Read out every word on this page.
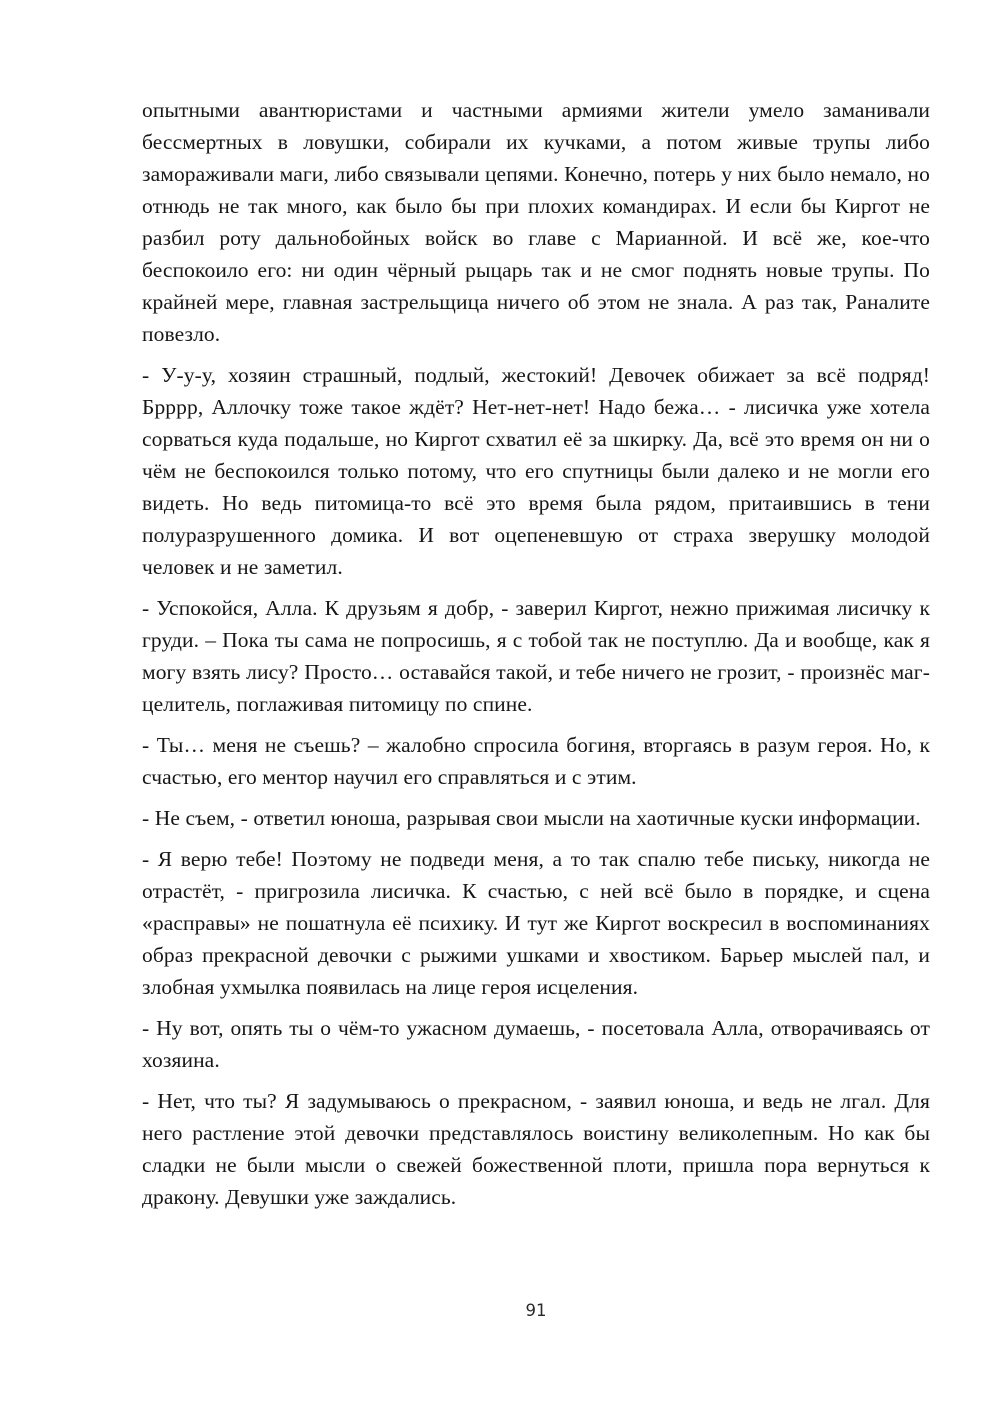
опытными авантюристами и частными армиями жители умело заманивали бессмертных в ловушки, собирали их кучками, а потом живые трупы либо замораживали маги, либо связывали цепями. Конечно, потерь у них было немало, но отнюдь не так много, как было бы при плохих командирах. И если бы Киргот не разбил роту дальнобойных войск во главе с Марианной. И всё же, кое-что беспокоило его: ни один чёрный рыцарь так и не смог поднять новые трупы. По крайней мере, главная застрельщица ничего об этом не знала. А раз так, Раналите повезло.

- У-у-у, хозяин страшный, подлый, жестокий! Девочек обижает за всё подряд! Брррр, Аллочку тоже такое ждёт? Нет-нет-нет! Надо бежа… - лисичка уже хотела сорваться куда подальше, но Киргот схватил её за шкирку. Да, всё это время он ни о чём не беспокоился только потому, что его спутницы были далеко и не могли его видеть. Но ведь питомица-то всё это время была рядом, притаившись в тени полуразрушенного домика. И вот оцепеневшую от страха зверушку молодой человек и не заметил.

- Успокойся, Алла. К друзьям я добр, - заверил Киргот, нежно прижимая лисичку к груди. – Пока ты сама не попросишь, я с тобой так не поступлю. Да и вообще, как я могу взять лису? Просто… оставайся такой, и тебе ничего не грозит, - произнёс маг-целитель, поглаживая питомицу по спине.

- Ты… меня не съешь? – жалобно спросила богиня, вторгаясь в разум героя. Но, к счастью, его ментор научил его справляться и с этим.

- Не съем, - ответил юноша, разрывая свои мысли на хаотичные куски информации.

- Я верю тебе! Поэтому не подведи меня, а то так спалю тебе письку, никогда не отрастёт, - пригрозила лисичка. К счастью, с ней всё было в порядке, и сцена «расправы» не пошатнула её психику. И тут же Киргот воскресил в воспоминаниях образ прекрасной девочки с рыжими ушками и хвостиком. Барьер мыслей пал, и злобная ухмылка появилась на лице героя исцеления.

- Ну вот, опять ты о чём-то ужасном думаешь, - посетовала Алла, отворачиваясь от хозяина.

- Нет, что ты? Я задумываюсь о прекрасном, - заявил юноша, и ведь не лгал. Для него растление этой девочки представлялось воистину великолепным. Но как бы сладки не были мысли о свежей божественной плоти, пришла пора вернуться к дракону. Девушки уже заждались.

91
